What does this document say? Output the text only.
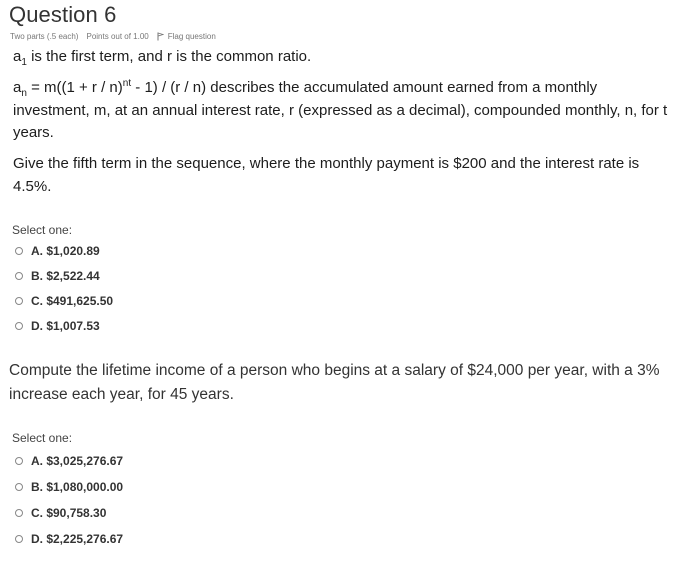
Question 6
Two parts (.5 each) Points out of 1.00 Flag question
$a_1$ is the first term, and r is the common ratio.
$a_n = m((1 + r / n)^{nt} - 1) / (r / n)$ describes the accumulated amount earned from a monthly investment, m, at an annual interest rate, r (expressed as a decimal), compounded monthly, n, for t years.
Give the fifth term in the sequence, where the monthly payment is $200 and the interest rate is 4.5%.
Select one:
A. $1,020.89
B. $2,522.44
C. $491,625.50
D. $1,007.53
Compute the lifetime income of a person who begins at a salary of $24,000 per year, with a 3% increase each year, for 45 years.
Select one:
A. $3,025,276.67
B. $1,080,000.00
C. $90,758.30
D. $2,225,276.67
